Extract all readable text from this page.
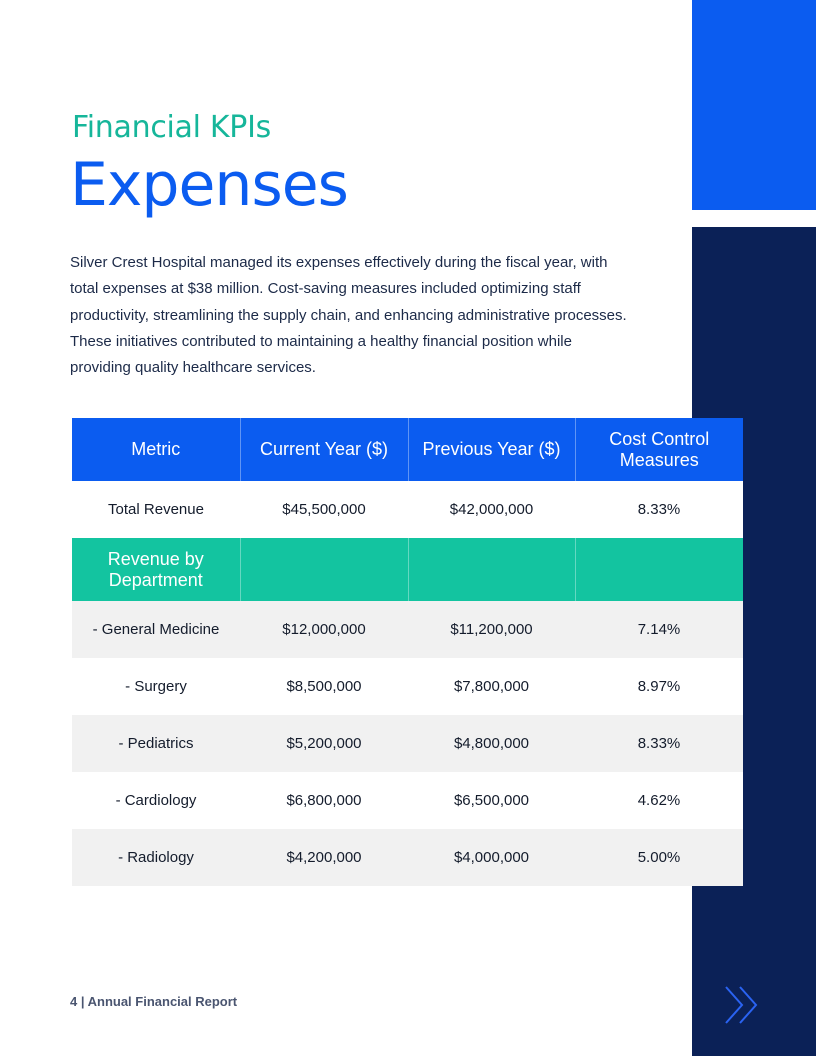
Financial KPIs
Expenses

Silver Crest Hospital managed its expenses effectively during the fiscal year, with total expenses at $38 million. Cost-saving measures included optimizing staff productivity, streamlining the supply chain, and enhancing administrative processes. These initiatives contributed to maintaining a healthy financial position while providing quality healthcare services.

Metric	Current Year ($)	Previous Year ($)	Cost Control Measures
Total Revenue	$45,500,000	$42,000,000	8.33%
Revenue by Department			
- General Medicine	$12,000,000	$11,200,000	7.14%
- Surgery	$8,500,000	$7,800,000	8.97%
- Pediatrics	$5,200,000	$4,800,000	8.33%
- Cardiology	$6,800,000	$6,500,000	4.62%
- Radiology	$4,200,000	$4,000,000	5.00%
4 | Annual Financial Report
